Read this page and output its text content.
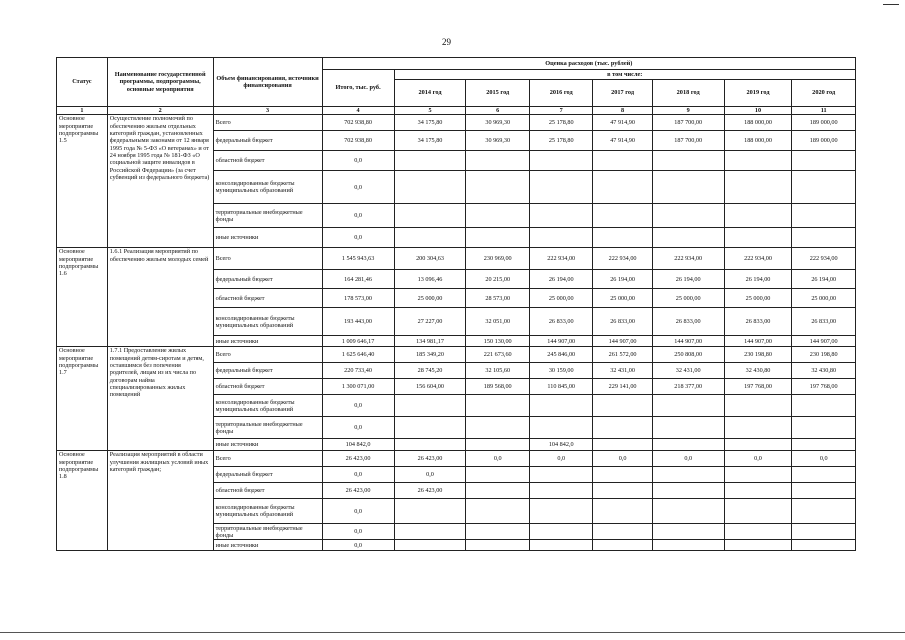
29
Статус	Наименование государственной программы, подпрограммы, основные мероприятия	Объем финансирования, источники финансирования	Оценка расходов (тыс. рублей)							
			Итого, тыс. руб.	в том числе:						
				2014 год	2015 год	2016 год	2017 год	2018 год	2019 год	2020 год
1	2	3	4	5	6	7	8	9	10	11
Основное мероприятие подпрограммы 1.5	Осуществление полномочий по обеспечению жильем отдельных категорий граждан, установленных федеральными законами от 12 января 1995 года № 5-ФЗ «О ветеранах» и от 24 ноября 1995 года № 181-ФЗ «О социальной защите инвалидов в Российской Федерации» (за счет субвенций из федерального бюджета)	Всего	702 938,80	34 175,80	30 969,30	25 178,80	47 914,90	187 700,00	188 000,00	189 000,00
		федеральный бюджет	702 938,80	34 175,80	30 969,30	25 178,80	47 914,90	187 700,00	188 000,00	189 000,00
		областной бюджет	0,0							
		консолидированные бюджеты муниципальных образований	0,0							
		территориальные внебюджетные фонды	0,0							
		иные источники	0,0							
Основное мероприятие подпрограммы 1.6	1.6.1 Реализация мероприятий по обеспечению жильем молодых семей	Всего	1 545 943,63	200 304,63	230 969,00	222 934,00	222 934,00	222 934,00	222 934,00	222 934,00
		федеральный бюджет	164 281,46	13 096,46	20 215,00	26 194,00	26 194,00	26 194,00	26 194,00	26 194,00
		областной бюджет	178 573,00	25 000,00	28 573,00	25 000,00	25 000,00	25 000,00	25 000,00	25 000,00
		консолидированные бюджеты муниципальных образований	193 443,00	27 227,00	32 051,00	26 833,00	26 833,00	26 833,00	26 833,00	26 833,00
		иные источники	1 009 646,17	134 981,17	150 130,00	144 907,00	144 907,00	144 907,00	144 907,00	144 907,00
Основное мероприятие подпрограммы 1.7	1.7.1 Предоставление жилых помещений детям-сиротам и детям, оставшимся без попечения родителей, лицам из их числа по договорам найма специализированных жилых помещений	Всего	1 625 646,40	185 349,20	221 673,60	245 846,00	261 572,00	250 808,00	230 198,80	230 198,80
		федеральный бюджет	220 733,40	28 745,20	32 105,60	30 159,00	32 431,00	32 431,00	32 430,80	32 430,80
		областной бюджет	1 300 071,00	156 604,00	189 568,00	110 845,00	229 141,00	218 377,00	197 768,00	197 768,00
		консолидированные бюджеты муниципальных образований	0,0							
		территориальные внебюджетные фонды	0,0							
		иные источники	104 842,0			104 842,0				
Основное мероприятие подпрограммы 1.8	Реализация мероприятий в области улучшения жилищных условий иных категорий граждан;	Всего	26 423,00	26 423,00	0,0	0,0	0,0	0,0	0,0	0,0
		федеральный бюджет	0,0	0,0						
		областной бюджет	26 423,00	26 423,00						
		консолидированные бюджеты муниципальных образований	0,0							
		территориальные внебюджетные фонды	0,0							
		иные источники	0,0							
